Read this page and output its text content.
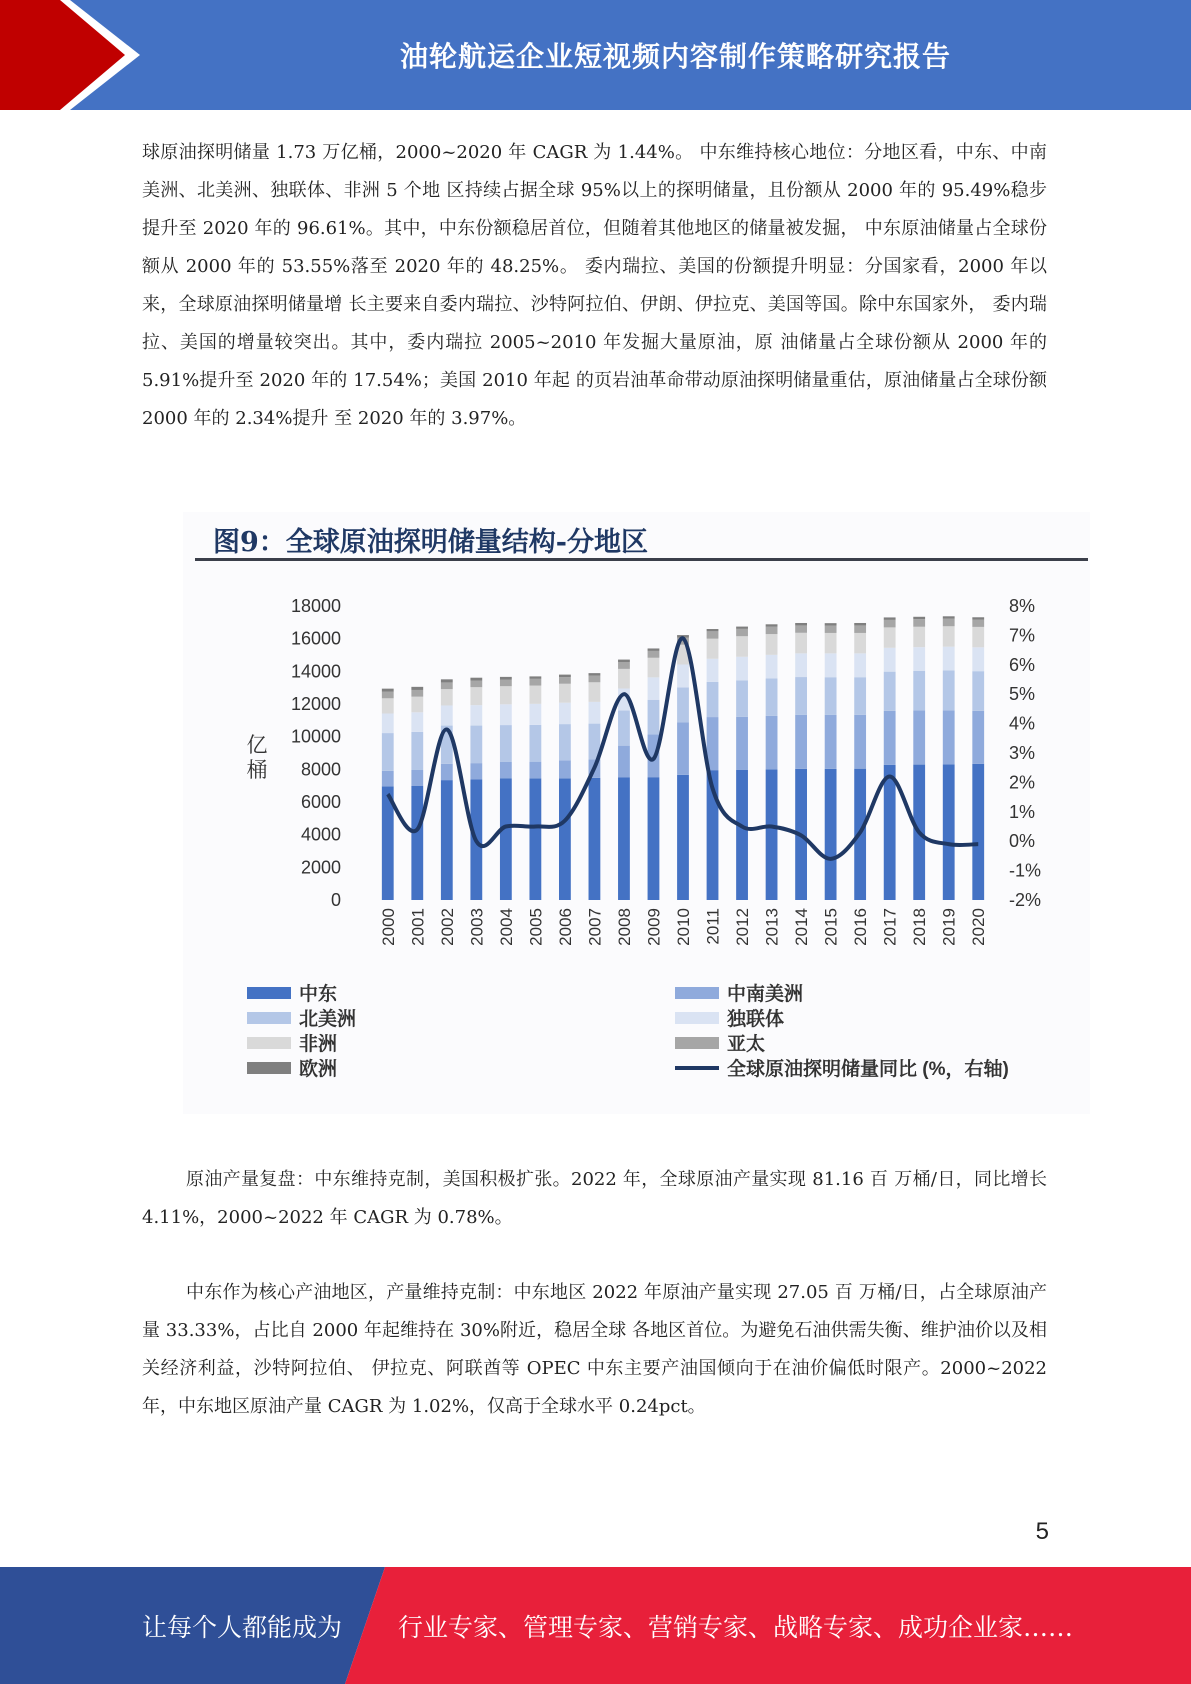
油轮航运企业短视频内容制作策略研究报告
球原油探明储量 1.73 万亿桶，2000~2020 年 CAGR 为 1.44%。 中东维持核心地位：分地区看，中东、中南美洲、北美洲、独联体、非洲 5 个地 区持续占据全球 95%以上的探明储量，且份额从 2000 年的 95.49%稳步提升至 2020 年的 96.61%。其中，中东份额稳居首位，但随着其他地区的储量被发掘， 中东原油储量占全球份额从 2000 年的 53.55%落至 2020 年的 48.25%。 委内瑞拉、美国的份额提升明显：分国家看，2000 年以来，全球原油探明储量增 长主要来自委内瑞拉、沙特阿拉伯、伊朗、伊拉克、美国等国。除中东国家外， 委内瑞拉、美国的增量较突出。其中，委内瑞拉 2005~2010 年发掘大量原油，原 油储量占全球份额从 2000 年的 5.91%提升至 2020 年的 17.54%；美国 2010 年起 的页岩油革命带动原油探明储量重估，原油储量占全球份额 2000 年的 2.34%提升 至 2020 年的 3.97%。
图9：全球原油探明储量结构-分地区
亿
桶
0
2000
4000
6000
8000
10000
12000
14000
16000
18000
-2%
-1%
0%
1%
2%
3%
4%
5%
6%
7%
8%
2000 2001 2002 2003 2004 2005 2006 2007 2008 2009 2010 2011 2012 2013 2014 2015 2016 2017 2018 2019 2020
中东	中南美洲
北美洲	独联体
非洲	亚太
欧洲	全球原油探明储量同比 (%，右轴)
原油产量复盘：中东维持克制，美国积极扩张。2022 年，全球原油产量实现 81.16 百 万桶/日，同比增长 4.11%，2000~2022 年 CAGR 为 0.78%。
中东作为核心产油地区，产量维持克制：中东地区 2022 年原油产量实现 27.05 百 万桶/日，占全球原油产量 33.33%，占比自 2000 年起维持在 30%附近，稳居全球 各地区首位。为避免石油供需失衡、维护油价以及相关经济利益，沙特阿拉伯、 伊拉克、阿联酋等 OPEC 中东主要产油国倾向于在油价偏低时限产。2000~2022 年，中东地区原油产量 CAGR 为 1.02%，仅高于全球水平 0.24pct。
5
让每个人都能成为 行业专家、管理专家、营销专家、战略专家、成功企业家……
